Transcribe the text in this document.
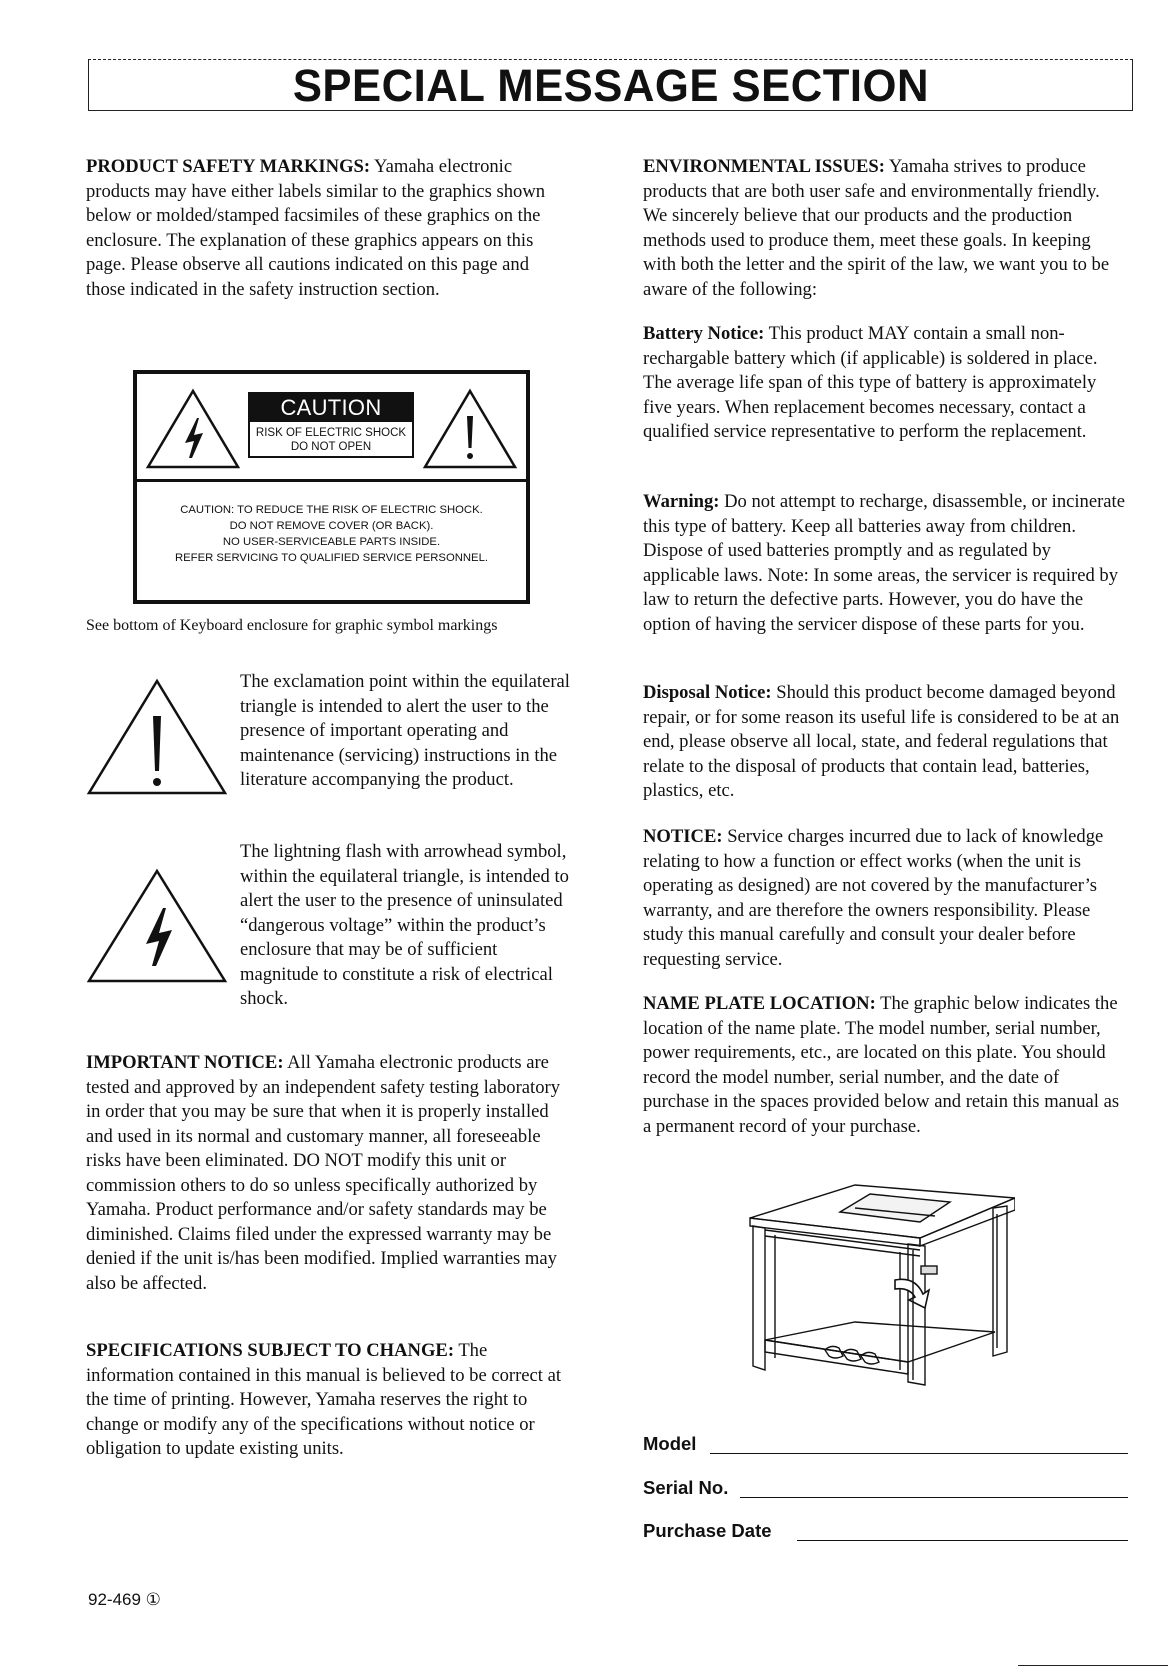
SPECIAL MESSAGE SECTION

PRODUCT SAFETY MARKINGS: Yamaha electronic products may have either labels similar to the graphics shown below or molded/stamped facsimiles of these graphics on the enclosure. The explanation of these graphics appears on this page. Please observe all cautions indicated on this page and those indicated in the safety instruction section.

CAUTION
RISK OF ELECTRIC SHOCK
DO NOT OPEN
CAUTION: TO REDUCE THE RISK OF ELECTRIC SHOCK.
DO NOT REMOVE COVER (OR BACK).
NO USER-SERVICEABLE PARTS INSIDE.
REFER SERVICING TO QUALIFIED SERVICE PERSONNEL.
See bottom of Keyboard enclosure for graphic symbol markings

The exclamation point within the equilateral triangle is intended to alert the user to the presence of important operating and maintenance (servicing) instructions in the literature accompanying the product.

The lightning flash with arrowhead symbol, within the equilateral triangle, is intended to alert the user to the presence of uninsulated “dangerous voltage” within the product’s enclosure that may be of sufficient magnitude to constitute a risk of electrical shock.

IMPORTANT NOTICE: All Yamaha electronic products are tested and approved by an independent safety testing laboratory in order that you may be sure that when it is properly installed and used in its normal and customary manner, all foreseeable risks have been eliminated. DO NOT modify this unit or commission others to do so unless specifically authorized by Yamaha. Product performance and/or safety standards may be diminished. Claims filed under the expressed warranty may be denied if the unit is/has been modified. Implied warranties may also be affected.

SPECIFICATIONS SUBJECT TO CHANGE: The information contained in this manual is believed to be correct at the time of printing. However, Yamaha reserves the right to change or modify any of the specifications without notice or obligation to update existing units.

ENVIRONMENTAL ISSUES: Yamaha strives to produce products that are both user safe and environmentally friendly. We sincerely believe that our products and the production methods used to produce them, meet these goals. In keeping with both the letter and the spirit of the law, we want you to be aware of the following:

Battery Notice: This product MAY contain a small non-rechargable battery which (if applicable) is soldered in place. The average life span of this type of battery is approximately five years. When replacement becomes necessary, contact a qualified service representative to perform the replacement.

Warning: Do not attempt to recharge, disassemble, or incinerate this type of battery. Keep all batteries away from children. Dispose of used batteries promptly and as regulated by applicable laws. Note: In some areas, the servicer is required by law to return the defective parts. However, you do have the option of having the servicer dispose of these parts for you.

Disposal Notice: Should this product become damaged beyond repair, or for some reason its useful life is considered to be at an end, please observe all local, state, and federal regulations that relate to the disposal of products that contain lead, batteries, plastics, etc.

NOTICE: Service charges incurred due to lack of knowledge relating to how a function or effect works (when the unit is operating as designed) are not covered by the manufacturer’s warranty, and are therefore the owners responsibility. Please study this manual carefully and consult your dealer before requesting service.

NAME PLATE LOCATION: The graphic below indicates the location of the name plate. The model number, serial number, power requirements, etc., are located on this plate. You should record the model number, serial number, and the date of purchase in the spaces provided below and retain this manual as a permanent record of your purchase.

Model
Serial No.
Purchase Date
92-469 ①
